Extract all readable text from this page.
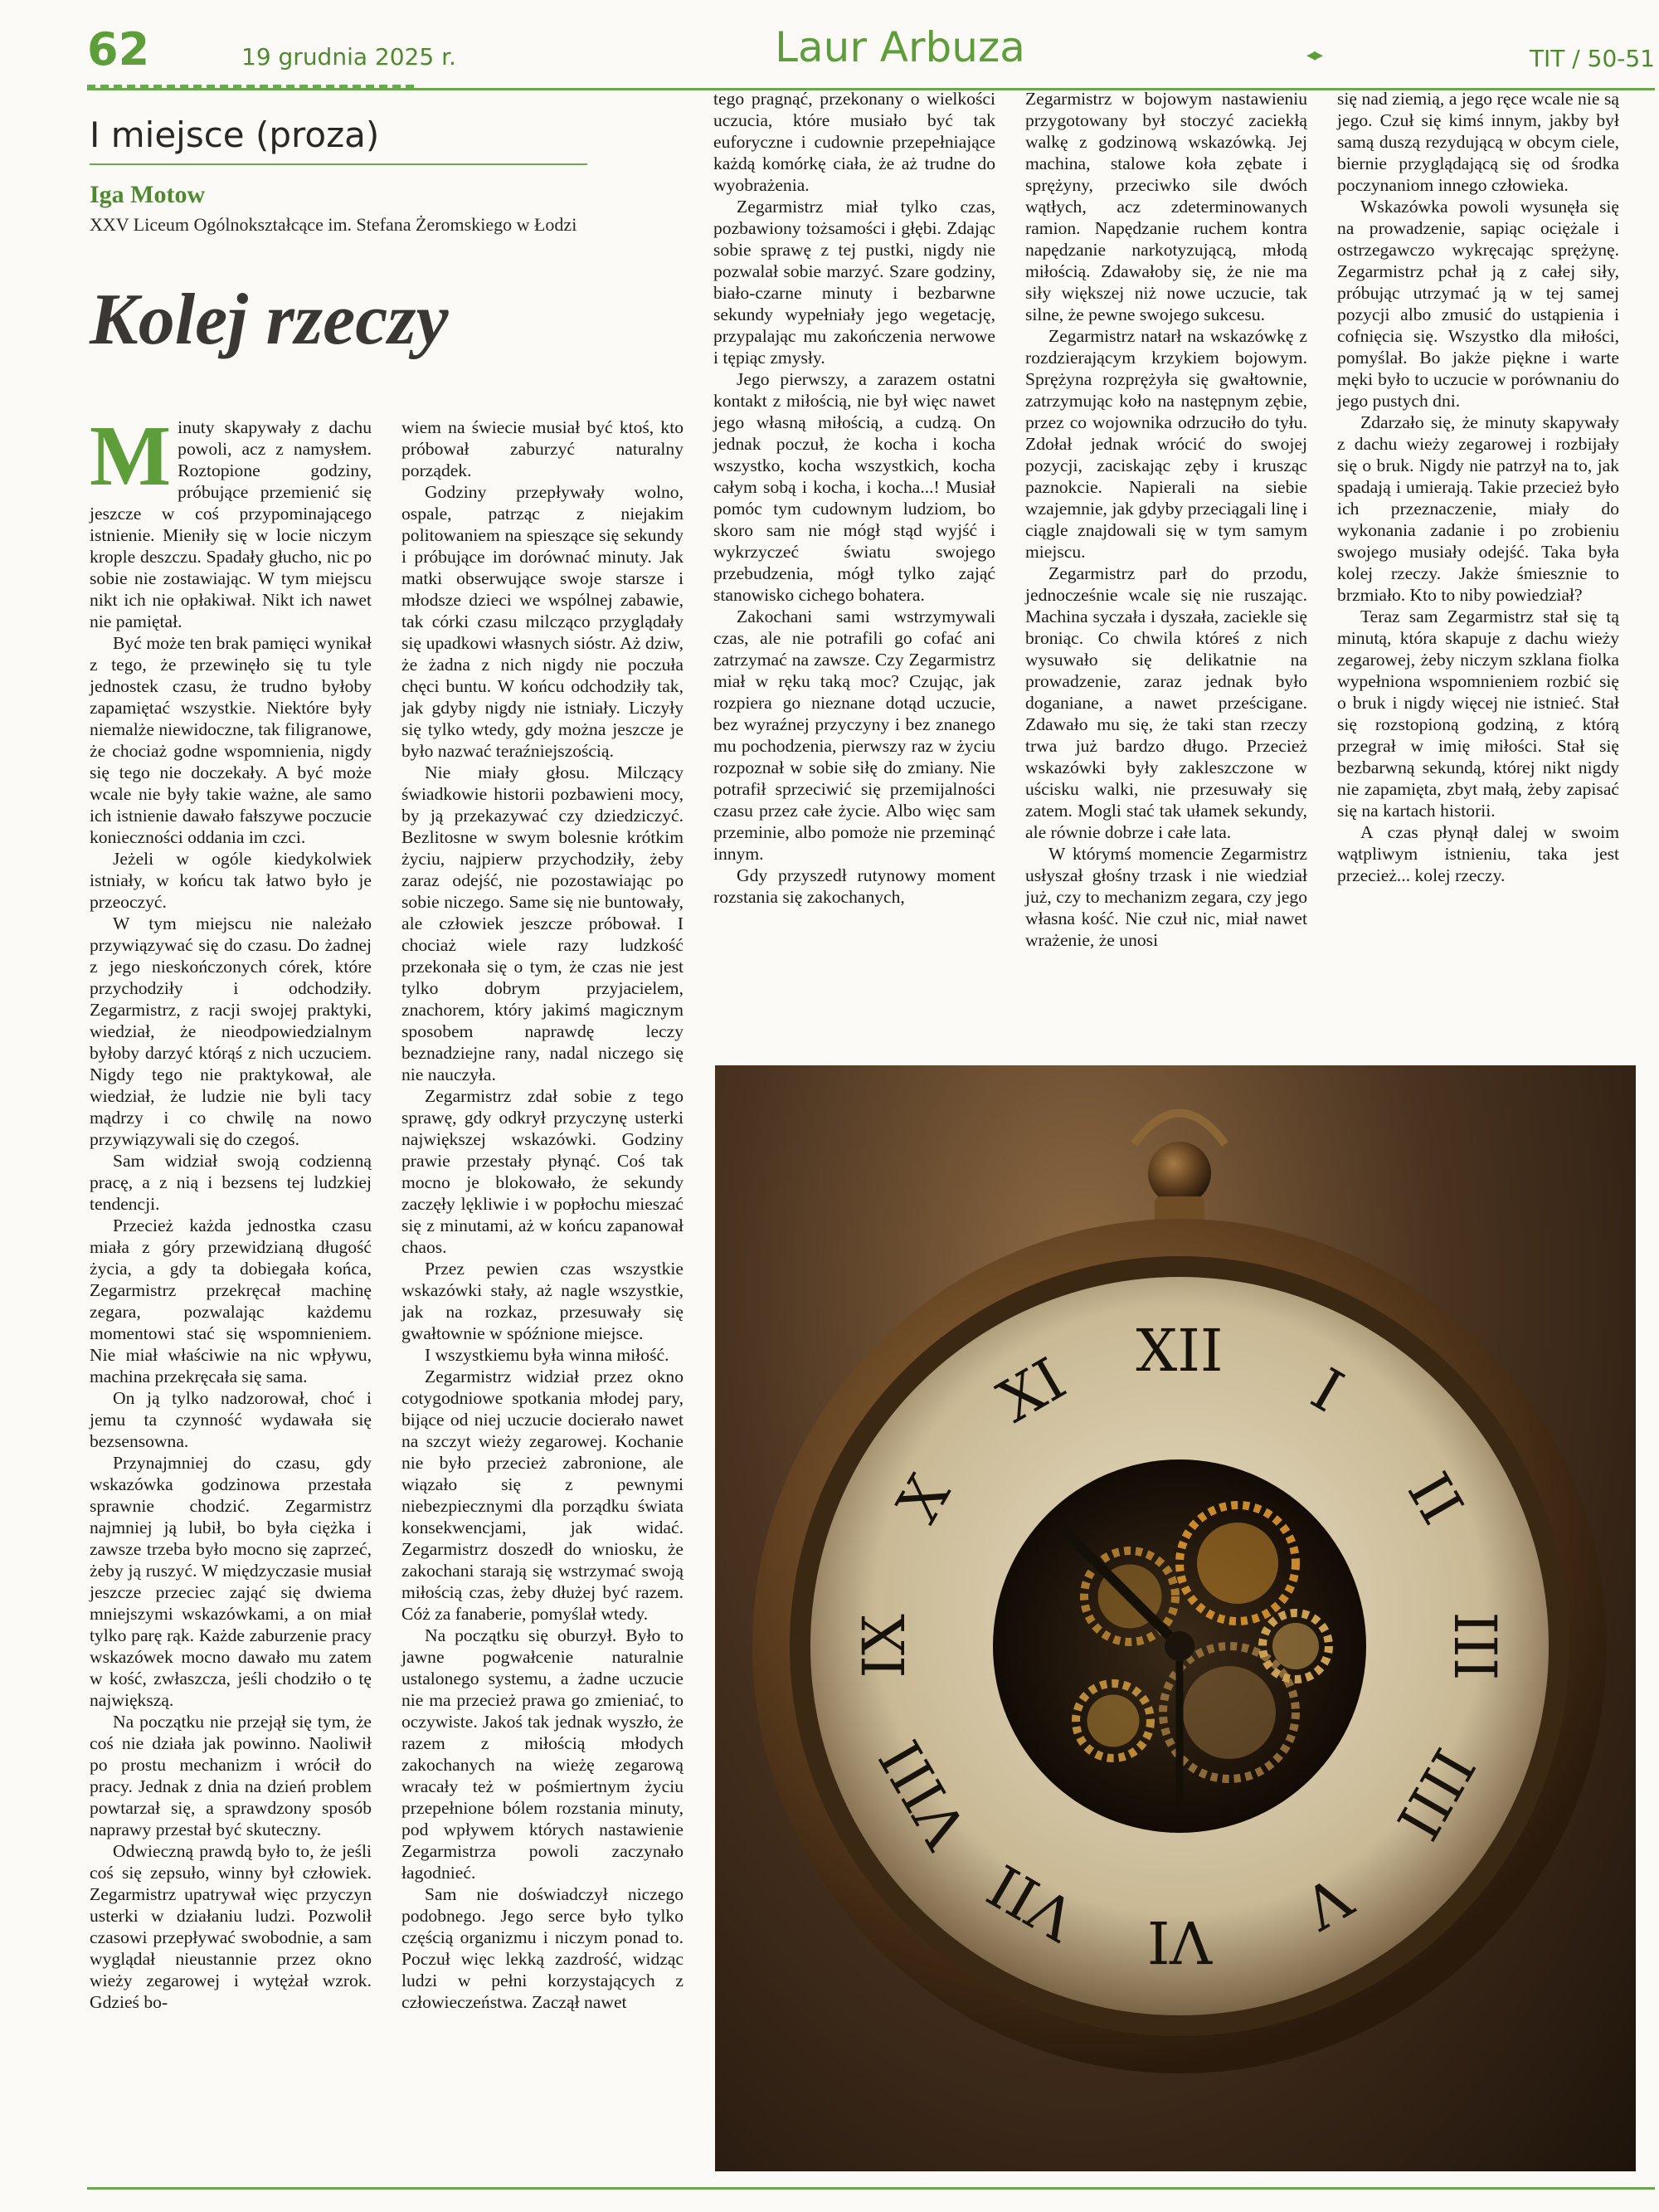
62	19 grudnia 2025 r.	Laur Arbuza	◂▸	TIT / 50-51
I miejsce (proza)
Iga Motow
XXV Liceum Ogólnokształcące im. Stefana Żeromskiego w Łodzi
Kolej rzeczy

Minuty skapywały z dachu powoli, acz z namysłem. Roztopione godziny, próbujące przemienić się jeszcze w coś przypominającego istnienie. Mieniły się w locie niczym krople deszczu. Spadały głucho, nic po sobie nie zostawiając. W tym miejscu nikt ich nie opłakiwał. Nikt ich nawet nie pamiętał.

Być może ten brak pamięci wynikał z tego, że przewinęło się tu tyle jednostek czasu, że trudno byłoby zapamiętać wszystkie. Niektóre były niemalże niewidoczne, tak filigranowe, że chociaż godne wspomnienia, nigdy się tego nie doczekały. A być może wcale nie były takie ważne, ale samo ich istnienie dawało fałszywe poczucie konieczności oddania im czci.

Jeżeli w ogóle kiedykolwiek istniały, w końcu tak łatwo było je przeoczyć.

W tym miejscu nie należało przywiązywać się do czasu. Do żadnej z jego nieskończonych córek, które przychodziły i odchodziły. Zegarmistrz, z racji swojej praktyki, wiedział, że nieodpowiedzialnym byłoby darzyć którąś z nich uczuciem. Nigdy tego nie praktykował, ale wiedział, że ludzie nie byli tacy mądrzy i co chwilę na nowo przywiązywali się do czegoś.

Sam widział swoją codzienną pracę, a z nią i bezsens tej ludzkiej tendencji.

Przecież każda jednostka czasu miała z góry przewidzianą długość życia, a gdy ta dobiegała końca, Zegarmistrz przekręcał machinę zegara, pozwalając każdemu momentowi stać się wspomnieniem. Nie miał właściwie na nic wpływu, machina przekręcała się sama.

On ją tylko nadzorował, choć i jemu ta czynność wydawała się bezsensowna.

Przynajmniej do czasu, gdy wskazówka godzinowa przestała sprawnie chodzić. Zegarmistrz najmniej ją lubił, bo była ciężka i zawsze trzeba było mocno się zaprzeć, żeby ją ruszyć. W międzyczasie musiał jeszcze przeciec zająć się dwiema mniejszymi wskazówkami, a on miał tylko parę rąk. Każde zaburzenie pracy wskazówek mocno dawało mu zatem w kość, zwłaszcza, jeśli chodziło o tę największą.

Na początku nie przejął się tym, że coś nie działa jak powinno. Naoliwił po prostu mechanizm i wrócił do pracy. Jednak z dnia na dzień problem powtarzał się, a sprawdzony sposób naprawy przestał być skuteczny.

Odwieczną prawdą było to, że jeśli coś się zepsuło, winny był człowiek. Zegarmistrz upatrywał więc przyczyn usterki w działaniu ludzi. Pozwolił czasowi przepływać swobodnie, a sam wyglądał nieustannie przez okno wieży zegarowej i wytężał wzrok. Gdzieś bo-

wiem na świecie musiał być ktoś, kto próbował zaburzyć naturalny porządek.

Godziny przepływały wolno, ospale, patrząc z niejakim politowaniem na spieszące się sekundy i próbujące im dorównać minuty. Jak matki obserwujące swoje starsze i młodsze dzieci we wspólnej zabawie, tak córki czasu milcząco przyglądały się upadkowi własnych sióstr. Aż dziw, że żadna z nich nigdy nie poczuła chęci buntu. W końcu odchodziły tak, jak gdyby nigdy nie istniały. Liczyły się tylko wtedy, gdy można jeszcze je było nazwać teraźniejszością.

Nie miały głosu. Milczący świadkowie historii pozbawieni mocy, by ją przekazywać czy dziedziczyć. Bezlitosne w swym bolesnie krótkim życiu, najpierw przychodziły, żeby zaraz odejść, nie pozostawiając po sobie niczego. Same się nie buntowały, ale człowiek jeszcze próbował. I chociaż wiele razy ludzkość przekonała się o tym, że czas nie jest tylko dobrym przyjacielem, znachorem, który jakimś magicznym sposobem naprawdę leczy beznadziejne rany, nadal niczego się nie nauczyła.

Zegarmistrz zdał sobie z tego sprawę, gdy odkrył przyczynę usterki największej wskazówki. Godziny prawie przestały płynąć. Coś tak mocno je blokowało, że sekundy zaczęły lękliwie i w popłochu mieszać się z minutami, aż w końcu zapanował chaos.

Przez pewien czas wszystkie wskazówki stały, aż nagle wszystkie, jak na rozkaz, przesuwały się gwałtownie w spóźnione miejsce.

I wszystkiemu była winna miłość.

Zegarmistrz widział przez okno cotygodniowe spotkania młodej pary, bijące od niej uczucie docierało nawet na szczyt wieży zegarowej. Kochanie nie było przecież zabronione, ale wiązało się z pewnymi niebezpiecznymi dla porządku świata konsekwencjami, jak widać. Zegarmistrz doszedł do wniosku, że zakochani starają się wstrzymać swoją miłością czas, żeby dłużej być razem. Cóż za fanaberie, pomyślał wtedy.

Na początku się oburzył. Było to jawne pogwałcenie naturalnie ustalonego systemu, a żadne uczucie nie ma przecież prawa go zmieniać, to oczywiste. Jakoś tak jednak wyszło, że razem z miłością młodych zakochanych na wieżę zegarową wracały też w pośmiertnym życiu przepełnione bólem rozstania minuty, pod wpływem których nastawienie Zegarmistrza powoli zaczynało łagodnieć.

Sam nie doświadczył niczego podobnego. Jego serce było tylko częścią organizmu i niczym ponad to. Poczuł więc lekką zazdrość, widząc ludzi w pełni korzystających z człowieczeństwa. Zaczął nawet

tego pragnąć, przekonany o wielkości uczucia, które musiało być tak euforyczne i cudownie przepełniające każdą komórkę ciała, że aż trudne do wyobrażenia.

Zegarmistrz miał tylko czas, pozbawiony tożsamości i głębi. Zdając sobie sprawę z tej pustki, nigdy nie pozwalał sobie marzyć. Szare godziny, biało-czarne minuty i bezbarwne sekundy wypełniały jego wegetację, przypalając mu zakończenia nerwowe i tępiąc zmysły.

Jego pierwszy, a zarazem ostatni kontakt z miłością, nie był więc nawet jego własną miłością, a cudzą. On jednak poczuł, że kocha i kocha wszystko, kocha wszystkich, kocha całym sobą i kocha, i kocha...! Musiał pomóc tym cudownym ludziom, bo skoro sam nie mógł stąd wyjść i wykrzyczeć światu swojego przebudzenia, mógł tylko zająć stanowisko cichego bohatera.

Zakochani sami wstrzymywali czas, ale nie potrafili go cofać ani zatrzymać na zawsze. Czy Zegarmistrz miał w ręku taką moc? Czując, jak rozpiera go nieznane dotąd uczucie, bez wyraźnej przyczyny i bez znanego mu pochodzenia, pierwszy raz w życiu rozpoznał w sobie siłę do zmiany. Nie potrafił sprzeciwić się przemijalności czasu przez całe życie. Albo więc sam przeminie, albo pomoże nie przeminąć innym.

Gdy przyszedł rutynowy moment rozstania się zakochanych,

Zegarmistrz w bojowym nastawieniu przygotowany był stoczyć zaciekłą walkę z godzinową wskazówką. Jej machina, stalowe koła zębate i sprężyny, przeciwko sile dwóch wątłych, acz zdeterminowanych ramion. Napędzanie ruchem kontra napędzanie narkotyzującą, młodą miłością. Zdawałoby się, że nie ma siły większej niż nowe uczucie, tak silne, że pewne swojego sukcesu.

Zegarmistrz natarł na wskazówkę z rozdzierającym krzykiem bojowym. Sprężyna rozprężyła się gwałtownie, zatrzymując koło na następnym zębie, przez co wojownika odrzuciło do tyłu. Zdołał jednak wrócić do swojej pozycji, zaciskając zęby i krusząc paznokcie. Napierali na siebie wzajemnie, jak gdyby przeciągali linę i ciągle znajdowali się w tym samym miejscu.

Zegarmistrz parł do przodu, jednocześnie wcale się nie ruszając. Machina syczała i dyszała, zaciekle się broniąc. Co chwila któreś z nich wysuwało się delikatnie na prowadzenie, zaraz jednak było doganiane, a nawet prześcigane. Zdawało mu się, że taki stan rzeczy trwa już bardzo długo. Przecież wskazówki były zakleszczone w uścisku walki, nie przesuwały się zatem. Mogli stać tak ułamek sekundy, ale równie dobrze i całe lata.

W którymś momencie Zegarmistrz usłyszał głośny trzask i nie wiedział już, czy to mechanizm zegara, czy jego własna kość. Nie czuł nic, miał nawet wrażenie, że unosi

się nad ziemią, a jego ręce wcale nie są jego. Czuł się kimś innym, jakby był samą duszą rezydującą w obcym ciele, biernie przyglądającą się od środka poczynaniom innego człowieka.

Wskazówka powoli wysunęła się na prowadzenie, sapiąc ociężale i ostrzegawczo wykręcając sprężynę. Zegarmistrz pchał ją z całej siły, próbując utrzymać ją w tej samej pozycji albo zmusić do ustąpienia i cofnięcia się. Wszystko dla miłości, pomyślał. Bo jakże piękne i warte męki było to uczucie w porównaniu do jego pustych dni.

Zdarzało się, że minuty skapywały z dachu wieży zegarowej i rozbijały się o bruk. Nigdy nie patrzył na to, jak spadają i umierają. Takie przecież było ich przeznaczenie, miały do wykonania zadanie i po zrobieniu swojego musiały odejść. Taka była kolej rzeczy. Jakże śmiesznie to brzmiało. Kto to niby powiedział?

Teraz sam Zegarmistrz stał się tą minutą, która skapuje z dachu wieży zegarowej, żeby niczym szklana fiolka wypełniona wspomnieniem rozbić się o bruk i nigdy więcej nie istnieć. Stał się rozstopioną godziną, z którą przegrał w imię miłości. Stał się bezbarwną sekundą, której nikt nigdy nie zapamięta, zbyt małą, żeby zapisać się na kartach historii.

A czas płynął dalej w swoim wątpliwym istnieniu, taka jest przecież... kolej rzeczy.

XII
I
II
III
IIII
V
VI
VII
VIII
IX
X
XI
